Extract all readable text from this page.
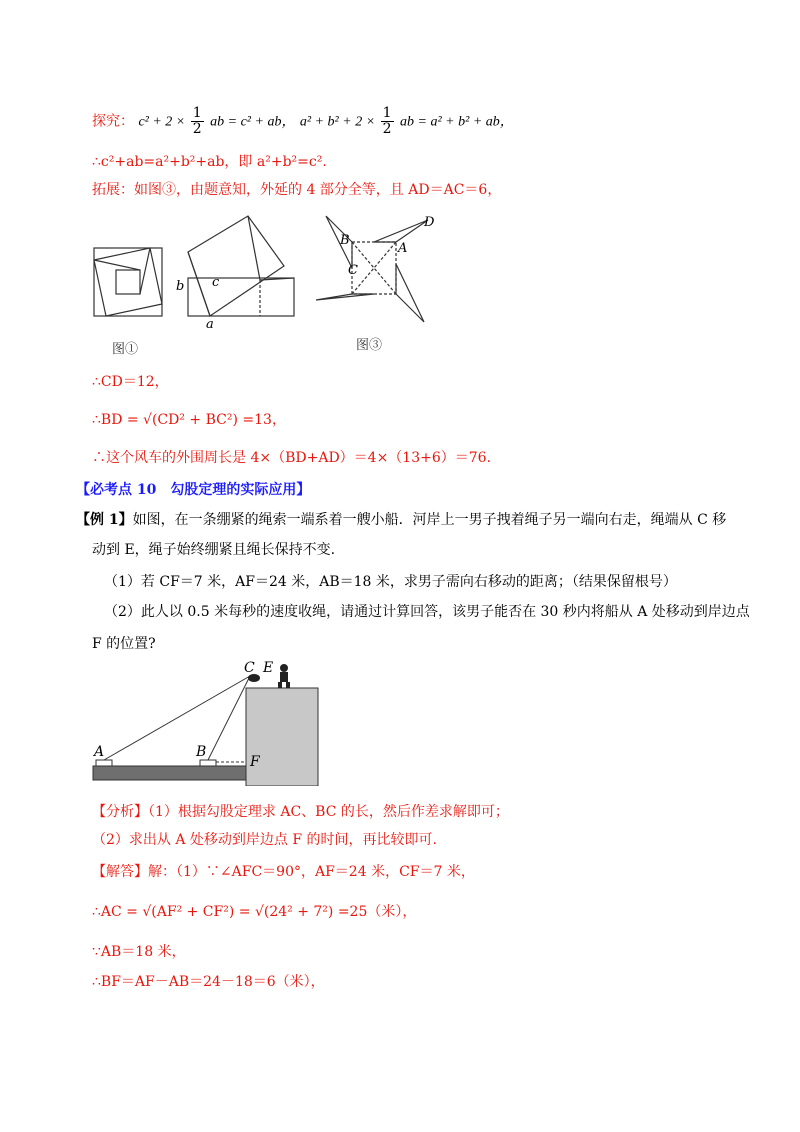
探究： $c^2 + 2 \times \frac{1}{2}$ ab = c² + ab， $a^2 + b^2 + 2 \times \frac{1}{2}$ ab = a² + b² + ab，
∴c²+ab=a²+b²+ab，即 a²+b²=c².
拓展：如图③，由题意知，外延的 4 部分全等，且 AD＝AC＝6，
图①
b c
a
B
A
C
D
图③
∴CD＝12，
∴BD = √(CD² + BC²) =13，
∴这个风车的外围周长是 4×（BD+AD）＝4×（13+6）＝76.
【必考点 10　勾股定理的实际应用】
【例 1】如图，在一条绷紧的绳索一端系着一艘小船．河岸上一男子拽着绳子另一端向右走，绳端从 C 移
动到 E，绳子始终绷紧且绳长保持不变.
（1）若 CF＝7 米，AF＝24 米，AB＝18 米，求男子需向右移动的距离；（结果保留根号）
（2）此人以 0.5 米每秒的速度收绳，请通过计算回答，该男子能否在 30 秒内将船从 A 处移动到岸边点
F 的位置?
C E
A	B
F
【分析】（1）根据勾股定理求 AC、BC 的长，然后作差求解即可；
（2）求出从 A 处移动到岸边点 F 的时间，再比较即可.
【解答】解：（1）∵∠AFC＝90°，AF＝24 米，CF＝7 米，
∴AC = √(AF² + CF²) = √(24² + 7²) =25（米），
∵AB＝18 米，
∴BF＝AF－AB＝24－18＝6（米），
